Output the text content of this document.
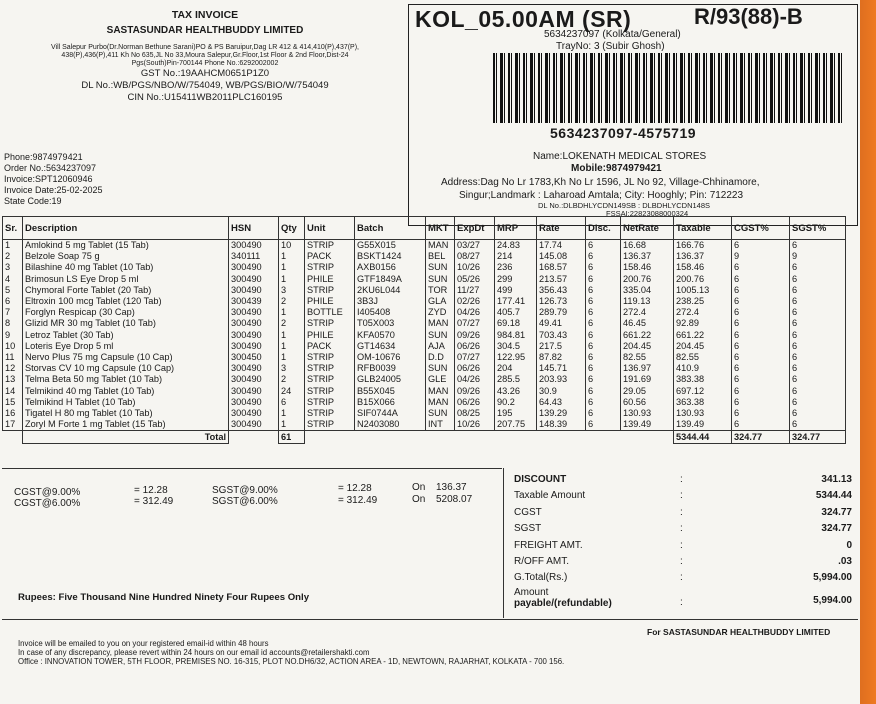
TAX INVOICE
SASTASUNDAR HEALTHBUDDY LIMITED
Vill Salepur Purbo(Dr.Norman Bethune Sarani)PO & PS Baruipur,Dag LR 412 & 414,410(P),437(P),
438(P),436(P),411 Kh No 635,JL No 33,Moura Salepur,Gr.Floor,1st Floor & 2nd Floor,Dist-24
Pgs(South)Pin-700144 Phone No.:6292002002
GST No.:19AAHCM0651P1Z0
DL No.:WB/PGS/NBO/W/754049, WB/PGS/BIO/W/754049
CIN No.:U15411WB2011PLC160195
Phone:9874979421
Order No.:5634237097
Invoice:SPT12060946
Invoice Date:25-02-2025
State Code:19
KOL_05.00AM (SR)	R/93(88)-B
5634237097 (Kolkata/General)
TrayNo: 3 (Subir Ghosh)
5634237097-4575719
Name:LOKENATH MEDICAL STORES
Mobile:9874979421
Address:Dag No Lr 1783,Kh No Lr 1596, JL No 92, Village-Chhinamore,
Singur;Landmark : Laharoad Amtala; City: Hooghly; Pin: 712223
DL No.:DLBDHLYCDN149SB : DLBDHLYCDN148S
FSSAI:22823088000324
Sr.	Description	HSN	Qty	Unit	Batch	MKT	ExpDt	MRP	Rate	Disc.	NetRate	Taxable	CGST%	SGST%
1	Amlokind 5 mg Tablet (15 Tab)	300490	10	STRIP	G55X015	MAN	03/27	24.83	17.74	6	16.68	166.76	6	6
2	Belzole Soap 75 g	340111	1	PACK	BSKT1424	BEL	08/27	214	145.08	6	136.37	136.37	9	9
3	Bilashine 40 mg Tablet (10 Tab)	300490	1	STRIP	AXB0156	SUN	10/26	236	168.57	6	158.46	158.46	6	6
4	Brimosun LS Eye Drop 5 ml	300490	1	PHILE	GTF1849A	SUN	05/26	299	213.57	6	200.76	200.76	6	6
5	Chymoral Forte Tablet (20 Tab)	300490	3	STRIP	2KU6L044	TOR	11/27	499	356.43	6	335.04	1005.13	6	6
6	Eltroxin 100 mcg Tablet (120 Tab)	300439	2	PHILE	3B3J	GLA	02/26	177.41	126.73	6	119.13	238.25	6	6
7	Forglyn Respicap (30 Cap)	300490	1	BOTTLE	I405408	ZYD	04/26	405.7	289.79	6	272.4	272.4	6	6
8	Glizid MR 30 mg Tablet (10 Tab)	300490	2	STRIP	T05X003	MAN	07/27	69.18	49.41	6	46.45	92.89	6	6
9	Letroz Tablet (30 Tab)	300490	1	PHILE	KFA0570	SUN	09/26	984.81	703.43	6	661.22	661.22	6	6
10	Loteris Eye Drop 5 ml	300490	1	PACK	GT14634	AJA	06/26	304.5	217.5	6	204.45	204.45	6	6
11	Nervo Plus 75 mg Capsule (10 Cap)	300450	1	STRIP	OM-10676	D.D	07/27	122.95	87.82	6	82.55	82.55	6	6
12	Storvas CV 10 mg Capsule (10 Cap)	300490	3	STRIP	RFB0039	SUN	06/26	204	145.71	6	136.97	410.9	6	6
13	Telma Beta 50 mg Tablet (10 Tab)	300490	2	STRIP	GLB24005	GLE	04/26	285.5	203.93	6	191.69	383.38	6	6
14	Telmikind 40 mg Tablet (10 Tab)	300490	24	STRIP	B55X045	MAN	09/26	43.26	30.9	6	29.05	697.12	6	6
15	Telmikind H Tablet (10 Tab)	300490	6	STRIP	B15X066	MAN	06/26	90.2	64.43	6	60.56	363.38	6	6
16	Tigatel H 80 mg Tablet (10 Tab)	300490	1	STRIP	SIF0744A	SUN	08/25	195	139.29	6	130.93	130.93	6	6
17	Zoryl M Forte 1 mg Tablet (15 Tab)	300490	1	STRIP	N2403080	INT	10/26	207.75	148.39	6	139.49	139.49	6	6
	Total		61									5344.44	324.77	324.77
CGST@9.00%	= 12.28	SGST@9.00%	= 12.28	On 136.37
CGST@6.00%	= 312.49	SGST@6.00%	= 312.49	On 5208.07
DISCOUNT	:	341.13
Taxable Amount	:	5344.44
CGST	:	324.77
SGST	:	324.77
FREIGHT AMT.	:	0
R/OFF AMT.	:	.03
G.Total(Rs.)	:	5,994.00
Amount
payable/(refundable)	:	5,994.00
Rupees: Five Thousand Nine Hundred Ninety Four Rupees Only
For SASTASUNDAR HEALTHBUDDY LIMITED
Invoice will be emailed to you on your registered email-id within 48 hours
In case of any discrepancy, please revert within 24 hours on our email id accounts@retailershakti.com
Office : INNOVATION TOWER, 5TH FLOOR, PREMISES NO. 16-315, PLOT NO.DH6/32, ACTION AREA - 1D, NEWTOWN, RAJARHAT, KOLKATA - 700 156.
